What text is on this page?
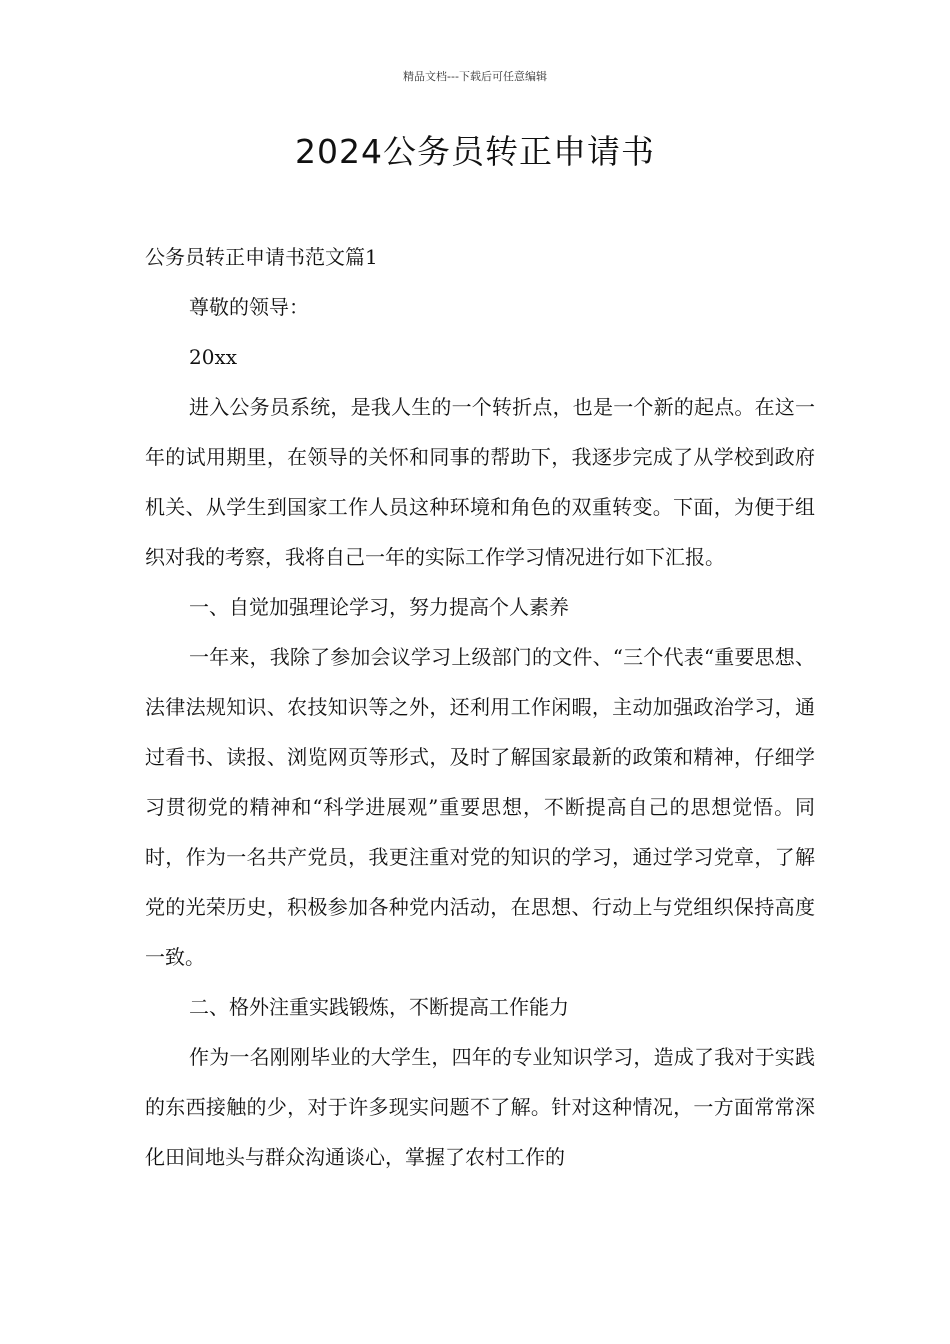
精品文档---下载后可任意编辑
2024公务员转正申请书

公务员转正申请书范文篇1

尊敬的领导：

20xx

进入公务员系统，是我人生的一个转折点，也是一个新的起点。在这一年的试用期里，在领导的关怀和同事的帮助下，我逐步完成了从学校到政府机关、从学生到国家工作人员这种环境和角色的双重转变。下面，为便于组织对我的考察，我将自己一年的实际工作学习情况进行如下汇报。

一、自觉加强理论学习，努力提高个人素养

一年来，我除了参加会议学习上级部门的文件、“三个代表“重要思想、法律法规知识、农技知识等之外，还利用工作闲暇，主动加强政治学习，通过看书、读报、浏览网页等形式，及时了解国家最新的政策和精神，仔细学习贯彻党的精神和“科学进展观”重要思想，不断提高自己的思想觉悟。同时，作为一名共产党员，我更注重对党的知识的学习，通过学习党章，了解党的光荣历史，积极参加各种党内活动，在思想、行动上与党组织保持高度一致。

二、格外注重实践锻炼，不断提高工作能力

作为一名刚刚毕业的大学生，四年的专业知识学习，造成了我对于实践的东西接触的少，对于许多现实问题不了解。针对这种情况，一方面常常深化田间地头与群众沟通谈心，掌握了农村工作的
